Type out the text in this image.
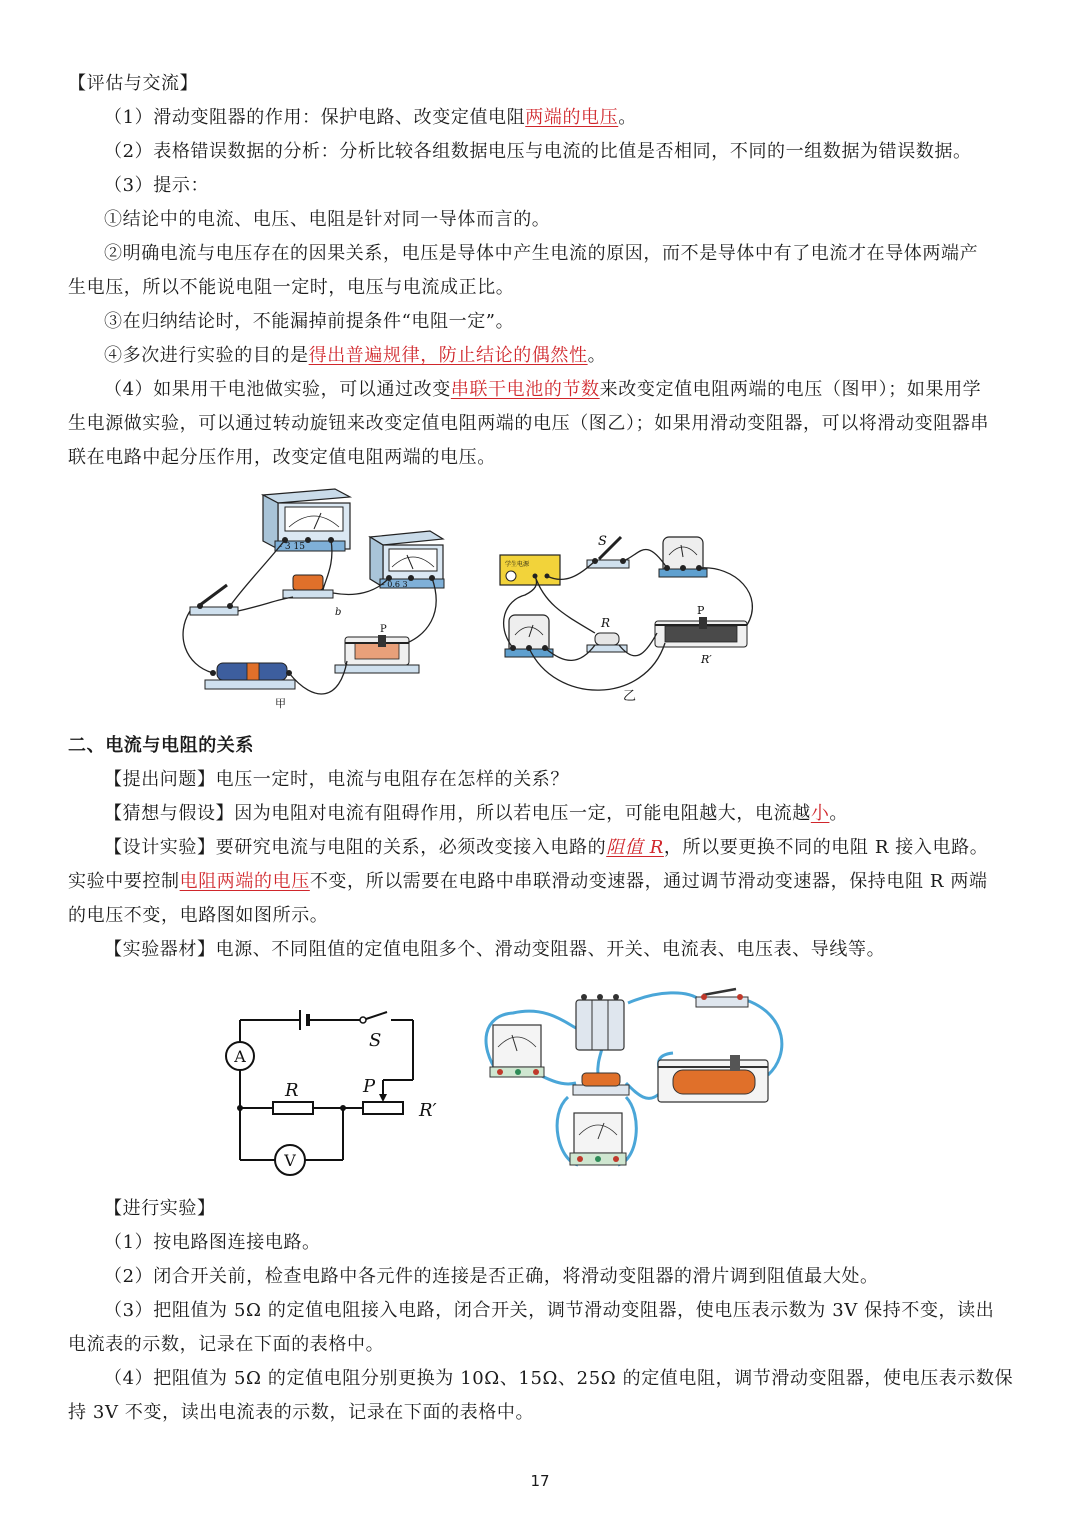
【评估与交流】
（1）滑动变阻器的作用：保护电路、改变定值电阻两端的电压。
（2）表格错误数据的分析：分析比较各组数据电压与电流的比值是否相同，不同的一组数据为错误数据。
（3）提示：
①结论中的电流、电压、电阻是针对同一导体而言的。
②明确电流与电压存在的因果关系，电压是导体中产生电流的原因，而不是导体中有了电流才在导体两端产
生电压，所以不能说电阻一定时，电压与电流成正比。
③在归纳结论时，不能漏掉前提条件“电阻一定”。
④多次进行实验的目的是得出普遍规律，防止结论的偶然性。
（4）如果用干电池做实验，可以通过改变串联干电池的节数来改变定值电阻两端的电压（图甲）；如果用学
生电源做实验，可以通过转动旋钮来改变定值电阻两端的电压（图乙）；如果用滑动变阻器，可以将滑动变阻器串
联在电路中起分压作用，改变定值电阻两端的电压。
- 3 15
- 0.6 3
b
P
甲
学生电源
S
R
P
R′
乙
二、电流与电阻的关系
【提出问题】电压一定时，电流与电阻存在怎样的关系？
【猜想与假设】因为电阻对电流有阻碍作用，所以若电压一定，可能电阻越大，电流越小。
【设计实验】要研究电流与电阻的关系，必须改变接入电路的阻值 R，所以要更换不同的电阻 R 接入电路。
实验中要控制电阻两端的电压不变，所以需要在电路中串联滑动变速器，通过调节滑动变速器，保持电阻 R 两端
的电压不变，电路图如图所示。
【实验器材】电源、不同阻值的定值电阻多个、滑动变阻器、开关、电流表、电压表、导线等。
A
V
S
R	P
R′
【进行实验】
（1）按电路图连接电路。
（2）闭合开关前，检查电路中各元件的连接是否正确，将滑动变阻器的滑片调到阻值最大处。
（3）把阻值为 5Ω 的定值电阻接入电路，闭合开关，调节滑动变阻器，使电压表示数为 3V 保持不变，读出
电流表的示数，记录在下面的表格中。
（4）把阻值为 5Ω 的定值电阻分别更换为 10Ω、15Ω、25Ω 的定值电阻，调节滑动变阻器，使电压表示数保
持 3V 不变，读出电流表的示数，记录在下面的表格中。
17
